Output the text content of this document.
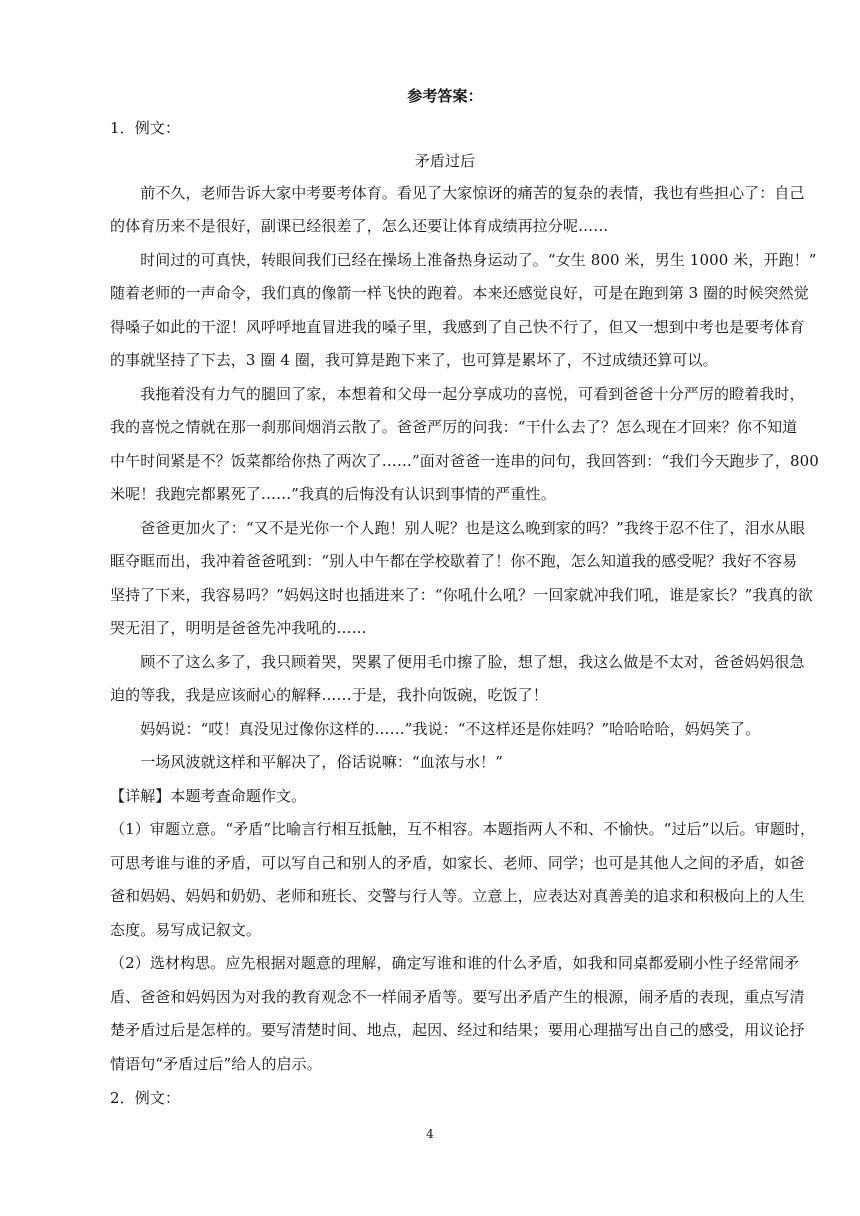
参考答案：
1．例文：
矛盾过后
　　前不久，老师告诉大家中考要考体育。看见了大家惊讶的痛苦的复杂的表情，我也有些担心了：自己
的体育历来不是很好，副课已经很差了，怎么还要让体育成绩再拉分呢……
　　时间过的可真快，转眼间我们已经在操场上准备热身运动了。“女生 800 米，男生 1000 米，开跑！”
随着老师的一声命令，我们真的像箭一样飞快的跑着。本来还感觉良好，可是在跑到第 3 圈的时候突然觉
得嗓子如此的干涩！风呼呼地直冒进我的嗓子里，我感到了自己快不行了，但又一想到中考也是要考体育
的事就坚持了下去，3 圈 4 圈，我可算是跑下来了，也可算是累坏了，不过成绩还算可以。
　　我拖着没有力气的腿回了家，本想着和父母一起分享成功的喜悦，可看到爸爸十分严厉的瞪着我时，
我的喜悦之情就在那一刹那间烟消云散了。爸爸严厉的问我：“干什么去了？怎么现在才回来？你不知道
中午时间紧是不？饭菜都给你热了两次了……”面对爸爸一连串的问句，我回答到：“我们今天跑步了，800
米呢！我跑完都累死了……”我真的后悔没有认识到事情的严重性。
　　爸爸更加火了：“又不是光你一个人跑！别人呢？也是这么晚到家的吗？”我终于忍不住了，泪水从眼
眶夺眶而出，我冲着爸爸吼到：“别人中午都在学校歇着了！你不跑，怎么知道我的感受呢？我好不容易
坚持了下来，我容易吗？”妈妈这时也插进来了：“你吼什么吼？一回家就冲我们吼，谁是家长？”我真的欲
哭无泪了，明明是爸爸先冲我吼的……
　　顾不了这么多了，我只顾着哭，哭累了便用毛巾擦了脸，想了想，我这么做是不太对，爸爸妈妈很急
迫的等我，我是应该耐心的解释……于是，我扑向饭碗，吃饭了！
　　妈妈说：“哎！真没见过像你这样的……”我说：“不这样还是你娃吗？”哈哈哈哈，妈妈笑了。
　　一场风波就这样和平解决了，俗话说嘛：“血浓与水！”
【详解】本题考查命题作文。
（1）审题立意。“矛盾”比喻言行相互抵触，互不相容。本题指两人不和、不愉快。“过后”以后。审题时，
可思考谁与谁的矛盾，可以写自己和别人的矛盾，如家长、老师、同学；也可是其他人之间的矛盾，如爸
爸和妈妈、妈妈和奶奶、老师和班长、交警与行人等。立意上，应表达对真善美的追求和积极向上的人生
态度。易写成记叙文。
（2）选材构思。应先根据对题意的理解，确定写谁和谁的什么矛盾，如我和同桌都爱刷小性子经常闹矛
盾、爸爸和妈妈因为对我的教育观念不一样闹矛盾等。要写出矛盾产生的根源，闹矛盾的表现，重点写清
楚矛盾过后是怎样的。要写清楚时间、地点，起因、经过和结果；要用心理描写出自己的感受，用议论抒
情语句“矛盾过后”给人的启示。
2．例文：
4
